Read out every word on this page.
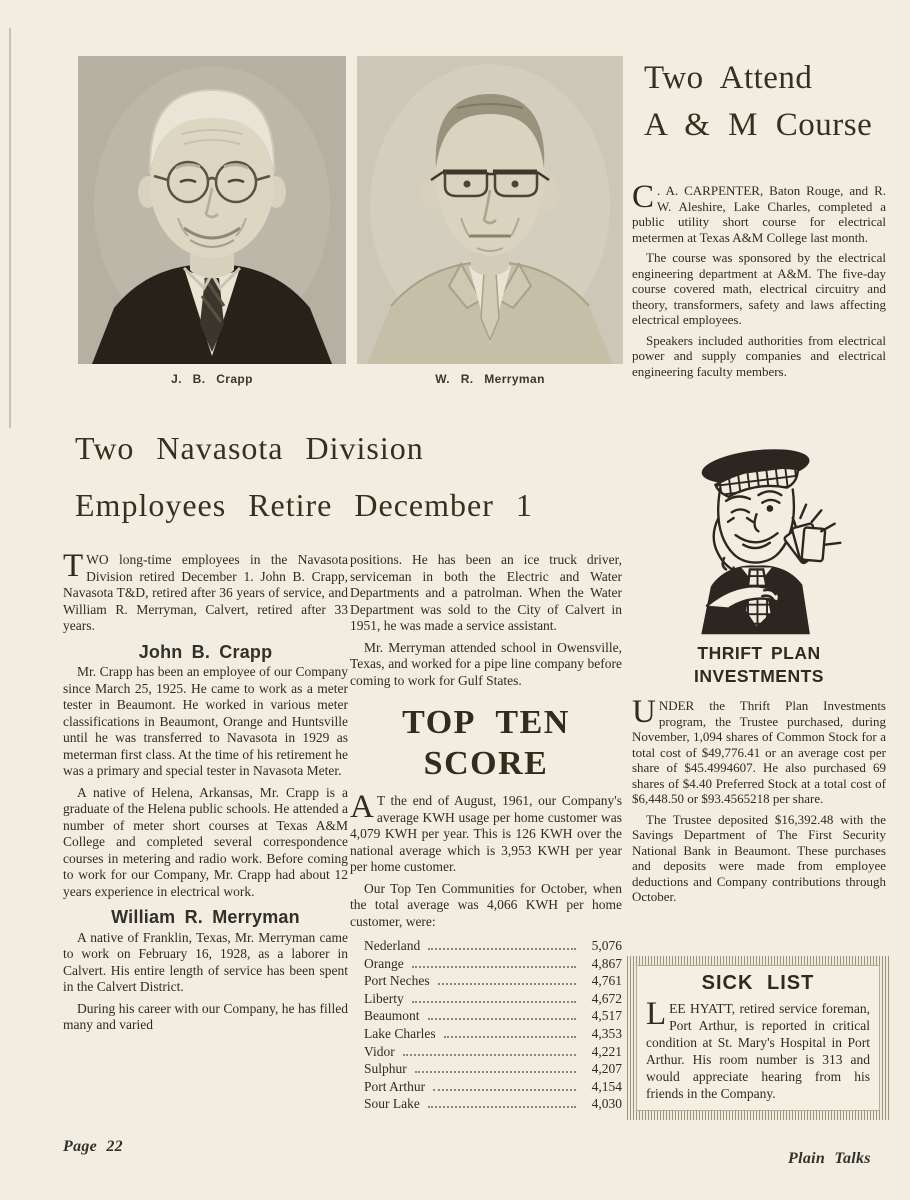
J. B. Crapp	W. R. Merryman
Two Attend
A & M Course

C . A. CARPENTER, Baton Rouge, and R. W. Aleshire, Lake Charles, completed a public utility short course for electrical metermen at Texas A&M College last month.

The course was sponsored by the electrical engineering department at A&M. The five-day course covered math, electrical circuitry and theory, transformers, safety and laws affecting electrical employees.

Speakers included authorities from electrical power and supply companies and electrical engineering faculty members.

Two Navasota Division
Employees Retire December 1

TWO long-time employees in the Navasota Division retired December 1. John B. Crapp, Navasota T&D, retired after 36 years of service, and William R. Merryman, Calvert, retired after 33 years.

John B. Crapp

Mr. Crapp has been an employee of our Company since March 25, 1925. He came to work as a meter tester in Beaumont. He worked in various meter classifications in Beaumont, Orange and Huntsville until he was transferred to Navasota in 1929 as meterman first class. At the time of his retirement he was a primary and special tester in Navasota Meter.

A native of Helena, Arkansas, Mr. Crapp is a graduate of the Helena public schools. He attended a number of meter short courses at Texas A&M College and completed several correspondence courses in metering and radio work. Before coming to work for our Company, Mr. Crapp had about 12 years experience in electrical work.

William R. Merryman

A native of Franklin, Texas, Mr. Merryman came to work on February 16, 1928, as a laborer in Calvert. His entire length of service has been spent in the Calvert District.

During his career with our Company, he has filled many and varied

positions. He has been an ice truck driver, serviceman in both the Electric and Water Departments and a patrolman. When the Water Department was sold to the City of Calvert in 1951, he was made a service assistant.

Mr. Merryman attended school in Owensville, Texas, and worked for a pipe line company before coming to work for Gulf States.

TOP TEN
SCORE

A T the end of August, 1961, our Company's average KWH usage per home customer was 4,079 KWH per year. This is 126 KWH over the national average which is 3,953 KWH per year per home customer.

Our Top Ten Communities for October, when the total average was 4,066 KWH per home customer, were:

Nederland	5,076
Orange	4,867
Port Neches	4,761
Liberty	4,672
Beaumont	4,517
Lake Charles	4,353
Vidor	4,221
Sulphur	4,207
Port Arthur	4,154
Sour Lake	4,030
THRIFT PLAN
INVESTMENTS

UNDER the Thrift Plan Investments program, the Trustee purchased, during November, 1,094 shares of Common Stock for a total cost of $49,776.41 or an average cost per share of $45.4994607. He also purchased 69 shares of $4.40 Preferred Stock at a total cost of $6,448.50 or $93.4565218 per share.

The Trustee deposited $16,392.48 with the Savings Department of The First Security National Bank in Beaumont. These purchases and deposits were made from employee deductions and Company contributions through October.

SICK LIST

LEE HYATT, retired service foreman, Port Arthur, is reported in critical condition at St. Mary's Hospital in Port Arthur. His room number is 313 and would appreciate hearing from his friends in the Company.

Page 22
Plain Talks
